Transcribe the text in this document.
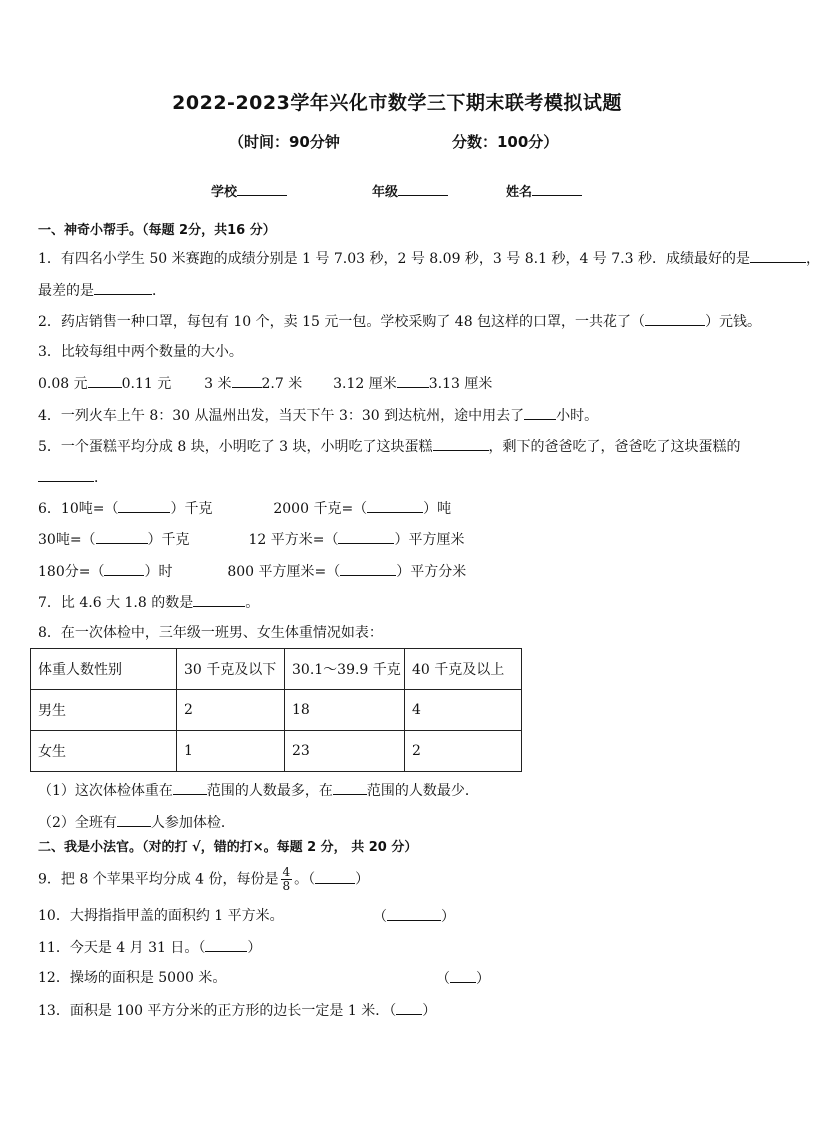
2022-2023学年兴化市数学三下期末联考模拟试题
（时间：90分钟	分数：100分）
学校	年级	姓名
一、神奇小帮手。（每题 2分，共16 分）
1．有四名小学生 50 米赛跑的成绩分别是 1 号 7.03 秒，2 号 8.09 秒，3 号 8.1 秒，4 号 7.3 秒．成绩最好的是	，
最差的是	．
2．药店销售一种口罩，每包有 10 个，卖 15 元一包。学校采购了 48 包这样的口罩，一共花了（	）元钱。
3．比较每组中两个数量的大小。
0.08 元 0.11 元 3 米 2.7 米 3.12 厘米 3.13 厘米
4．一列火车上午 8：30 从温州出发，当天下午 3：30 到达杭州，途中用去了 小时。
5．一个蛋糕平均分成 8 块，小明吃了 3 块，小明吃了这块蛋糕	，剩下的爸爸吃了，爸爸吃了这块蛋糕的
．
6．10吨=（	）千克	2000 千克=（	）吨
30吨=（	）千克	12 平方米=（	）平方厘米
180分=（	）时	800 平方厘米=（	）平方分米
7．比 4.6 大 1.8 的数是	。
8．在一次体检中，三年级一班男、女生体重情况如表：
体重人数性别	30 千克及以下	30.1～39.9 千克	40 千克及以上
男生	2	18	4
女生	1	23	2
（1）这次体检体重在 范围的人数最多，在 范围的人数最少．
（2）全班有 人参加体检．
二、我是小法官。（对的打 √，错的打×。每题 2 分， 共 20 分）
9．把 8 个苹果平均分成 4 份，每份是 $\frac{4}{8}$ 。（	）
10．大拇指指甲盖的面积约 1 平方米。	（	）
11．今天是 4 月 31 日。（	）
12．操场的面积是 5000 米。	（ ）
13．面积是 100 平方分米的正方形的边长一定是 1 米．（ ）
